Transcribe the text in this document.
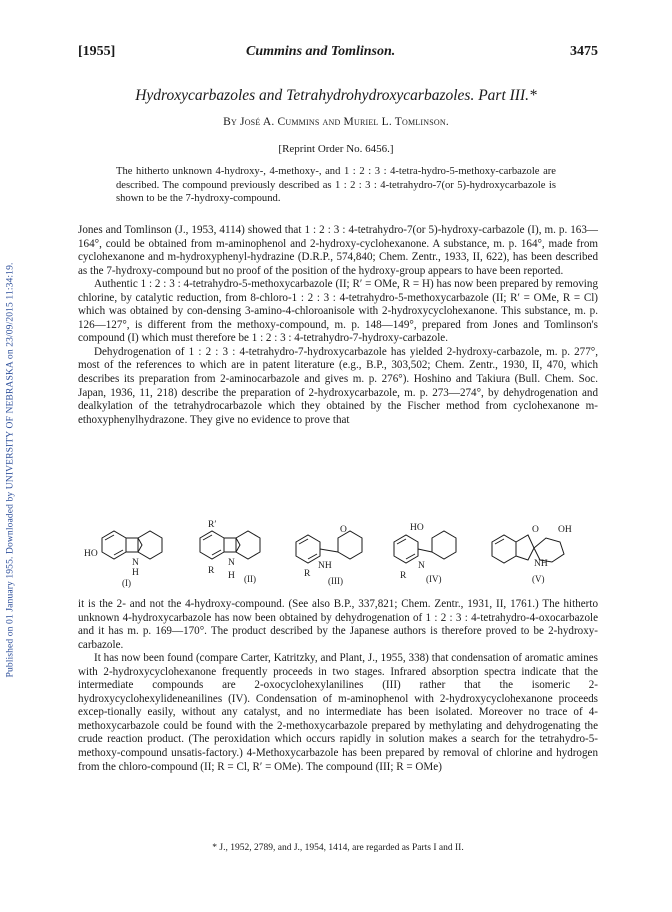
Published on 01 January 1955. Downloaded by UNIVERSITY OF NEBRASKA on 23/09/2015 11:34:19.
[1955]	Cummins and Tomlinson.	3475
Hydroxycarbazoles and Tetrahydrohydroxycarbazoles. Part III.*
By José A. Cummins and Muriel L. Tomlinson.
[Reprint Order No. 6456.]

The hitherto unknown 4-hydroxy-, 4-methoxy-, and 1 : 2 : 3 : 4-tetra-hydro-5-methoxy-carbazole are described. The compound previously described as 1 : 2 : 3 : 4-tetrahydro-7(or 5)-hydroxycarbazole is shown to be the 7-hydroxy-compound.

Jones and Tomlinson (J., 1953, 4114) showed that 1 : 2 : 3 : 4-tetrahydro-7(or 5)-hydroxy-carbazole (I), m. p. 163—164°, could be obtained from m-aminophenol and 2-hydroxy-cyclohexanone. A substance, m. p. 164°, made from cyclohexanone and m-hydroxyphenyl-hydrazine (D.R.P., 574,840; Chem. Zentr., 1933, II, 622), has been described as the 7-hydroxy-compound but no proof of the position of the hydroxy-group appears to have been reported.

Authentic 1 : 2 : 3 : 4-tetrahydro-5-methoxycarbazole (II; R′ = OMe, R = H) has now been prepared by removing chlorine, by catalytic reduction, from 8-chloro-1 : 2 : 3 : 4-tetrahydro-5-methoxycarbazole (II; R′ = OMe, R = Cl) which was obtained by con-densing 3-amino-4-chloroanisole with 2-hydroxycyclohexanone. This substance, m. p. 126—127°, is different from the methoxy-compound, m. p. 148—149°, prepared from Jones and Tomlinson's compound (I) which must therefore be 1 : 2 : 3 : 4-tetrahydro-7-hydroxy-carbazole.

Dehydrogenation of 1 : 2 : 3 : 4-tetrahydro-7-hydroxycarbazole has yielded 2-hydroxy-carbazole, m. p. 277°, most of the references to which are in patent literature (e.g., B.P., 303,502; Chem. Zentr., 1930, II, 470, which describes its preparation from 2-aminocarbazole and gives m. p. 276°). Hoshino and Takiura (Bull. Chem. Soc. Japan, 1936, 11, 218) describe the preparation of 2-hydroxycarbazole, m. p. 273—274°, by dehydrogenation and dealkylation of the tetrahydrocarbazole which they obtained by the Fischer method from cyclohexanone m-ethoxyphenylhydrazone. They give no evidence to prove that

HO
N
H
(I)
R′
N
R H (II)
O
NH
R
(III)
HO
N
R (IV)
O OH
NH
(V)

it is the 2- and not the 4-hydroxy-compound. (See also B.P., 337,821; Chem. Zentr., 1931, II, 1761.) The hitherto unknown 4-hydroxycarbazole has now been obtained by dehydrogenation of 1 : 2 : 3 : 4-tetrahydro-4-oxocarbazole and it has m. p. 169—170°. The product described by the Japanese authors is therefore proved to be 2-hydroxy-carbazole.

It has now been found (compare Carter, Katritzky, and Plant, J., 1955, 338) that condensation of aromatic amines with 2-hydroxycyclohexanone frequently proceeds in two stages. Infrared absorption spectra indicate that the intermediate compounds are 2-oxocyclohexylanilines (III) rather that the isomeric 2-hydroxycyclohexylideneanilines (IV). Condensation of m-aminophenol with 2-hydroxycyclohexanone proceeds excep-tionally easily, without any catalyst, and no intermediate has been isolated. Moreover no trace of 4-methoxycarbazole could be found with the 2-methoxycarbazole prepared by methylating and dehydrogenating the crude reaction product. (The peroxidation which occurs rapidly in solution makes a search for the tetrahydro-5-methoxy-compound unsatis-factory.) 4-Methoxycarbazole has been prepared by removal of chlorine and hydrogen from the chloro-compound (II; R = Cl, R′ = OMe). The compound (III; R = OMe)

* J., 1952, 2789, and J., 1954, 1414, are regarded as Parts I and II.
